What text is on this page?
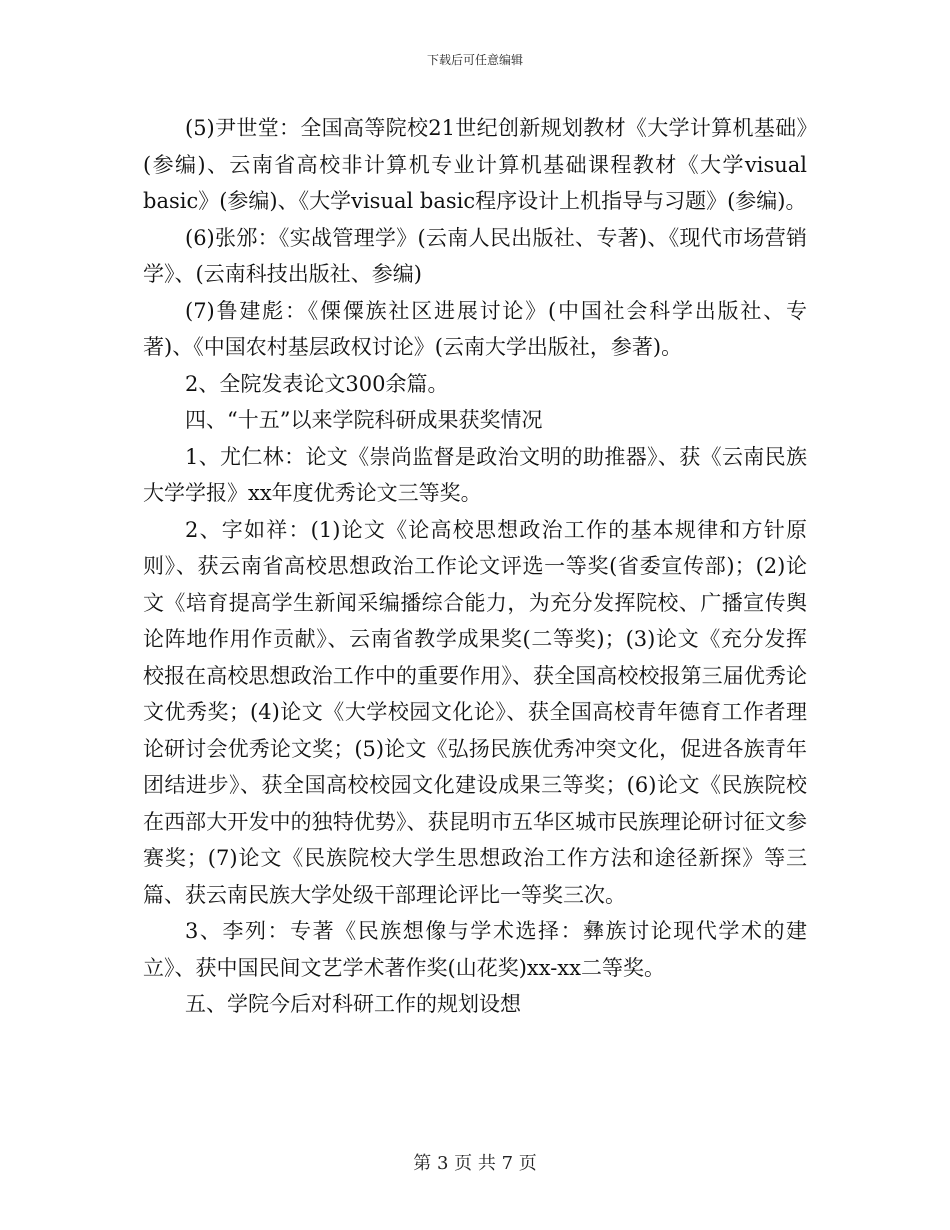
下载后可任意编辑

(5)尹世堂：全国高等院校21世纪创新规划教材《大学计算机基础》(参编)、云南省高校非计算机专业计算机基础课程教材《大学visual basic》(参编)、《大学visual basic程序设计上机指导与习题》(参编)。

(6)张邠：《实战管理学》(云南人民出版社、专著)、《现代市场营销学》、(云南科技出版社、参编)

(7)鲁建彪：《傈僳族社区进展讨论》(中国社会科学出版社、专著)、《中国农村基层政权讨论》(云南大学出版社，参著)。

2、全院发表论文300余篇。

四、“十五”以来学院科研成果获奖情况

1、尤仁林：论文《崇尚监督是政治文明的助推器》、获《云南民族大学学报》xx年度优秀论文三等奖。

2、字如祥：(1)论文《论高校思想政治工作的基本规律和方针原则》、获云南省高校思想政治工作论文评选一等奖(省委宣传部)；(2)论文《培育提高学生新闻采编播综合能力，为充分发挥院校、广播宣传舆论阵地作用作贡献》、云南省教学成果奖(二等奖)；(3)论文《充分发挥校报在高校思想政治工作中的重要作用》、获全国高校校报第三届优秀论文优秀奖；(4)论文《大学校园文化论》、获全国高校青年德育工作者理论研讨会优秀论文奖；(5)论文《弘扬民族优秀冲突文化，促进各族青年团结进步》、获全国高校校园文化建设成果三等奖；(6)论文《民族院校在西部大开发中的独特优势》、获昆明市五华区城市民族理论研讨征文参赛奖；(7)论文《民族院校大学生思想政治工作方法和途径新探》等三篇、获云南民族大学处级干部理论评比一等奖三次。

3、李列：专著《民族想像与学术选择：彝族讨论现代学术的建立》、获中国民间文艺学术著作奖(山花奖)xx-xx二等奖。

五、学院今后对科研工作的规划设想

第 3 页 共 7 页
